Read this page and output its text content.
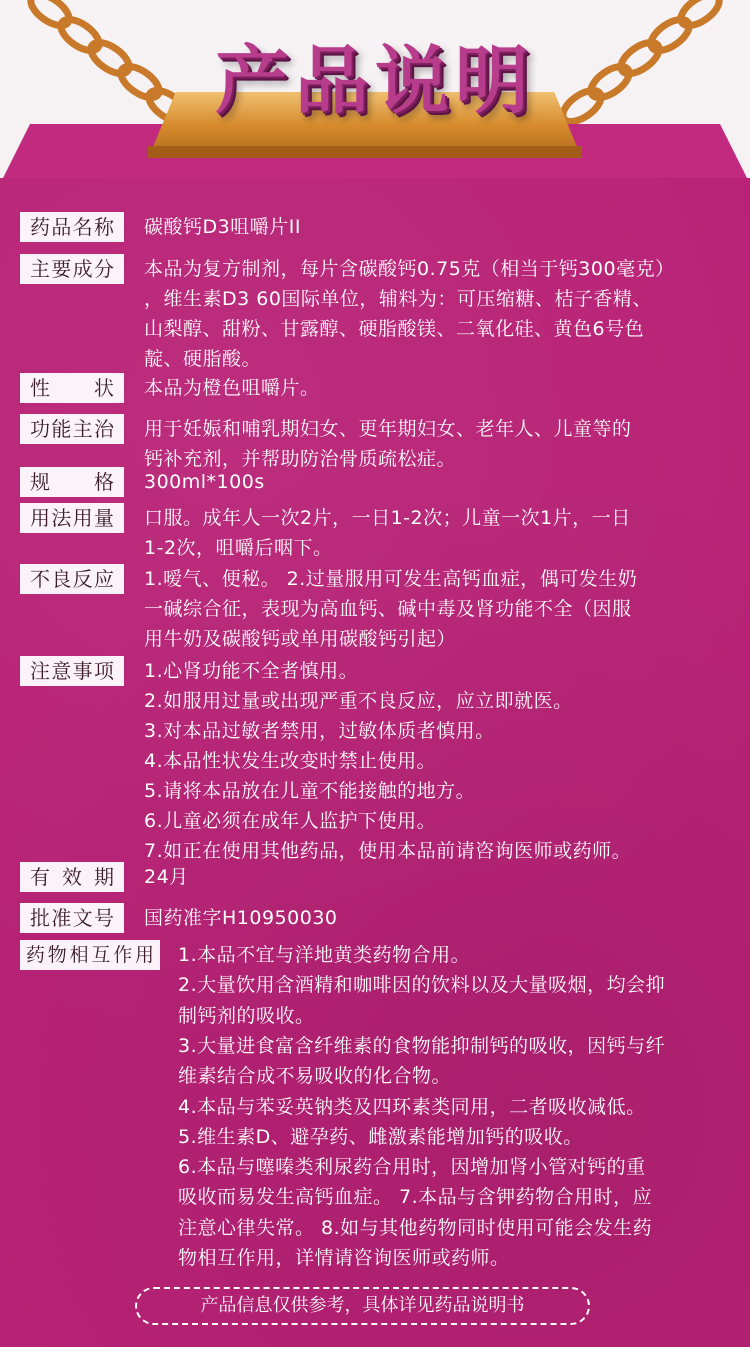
产品说明
药品名称	碳酸钙D3咀嚼片II
主要成分	本品为复方制剂，每片含碳酸钙0.75克（相当于钙300毫克）
，维生素D3 60国际单位，辅料为：可压缩糖、桔子香精、
山梨醇、甜粉、甘露醇、硬脂酸镁、二氧化硅、黄色6号色
靛、硬脂酸。
性　　状	本品为橙色咀嚼片。
功能主治	用于妊娠和哺乳期妇女、更年期妇女、老年人、儿童等的
钙补充剂，并帮助防治骨质疏松症。
规　　格	300ml*100s
用法用量	口服。成年人一次2片，一日1-2次；儿童一次1片，一日
1-2次，咀嚼后咽下。
不良反应	1.嗳气、便秘。 2.过量服用可发生高钙血症，偶可发生奶
一碱综合征，表现为高血钙、碱中毒及肾功能不全（因服
用牛奶及碳酸钙或单用碳酸钙引起）
注意事项	1.心肾功能不全者慎用。
2.如服用过量或出现严重不良反应，应立即就医。
3.对本品过敏者禁用，过敏体质者慎用。
4.本品性状发生改变时禁止使用。
5.请将本品放在儿童不能接触的地方。
6.儿童必须在成年人监护下使用。
7.如正在使用其他药品，使用本品前请咨询医师或药师。
有 效 期	24月
批准文号	国药准字H10950030
药物相互作用	1.本品不宜与洋地黄类药物合用。
2.大量饮用含酒精和咖啡因的饮料以及大量吸烟，均会抑
制钙剂的吸收。
3.大量进食富含纤维素的食物能抑制钙的吸收，因钙与纤
维素结合成不易吸收的化合物。
4.本品与苯妥英钠类及四环素类同用，二者吸收减低。
5.维生素D、避孕药、雌激素能增加钙的吸收。
6.本品与噻嗪类利尿药合用时，因增加肾小管对钙的重
吸收而易发生高钙血症。 7.本品与含钾药物合用时，应
注意心律失常。 8.如与其他药物同时使用可能会发生药
物相互作用，详情请咨询医师或药师。
产品信息仅供参考，具体详见药品说明书
